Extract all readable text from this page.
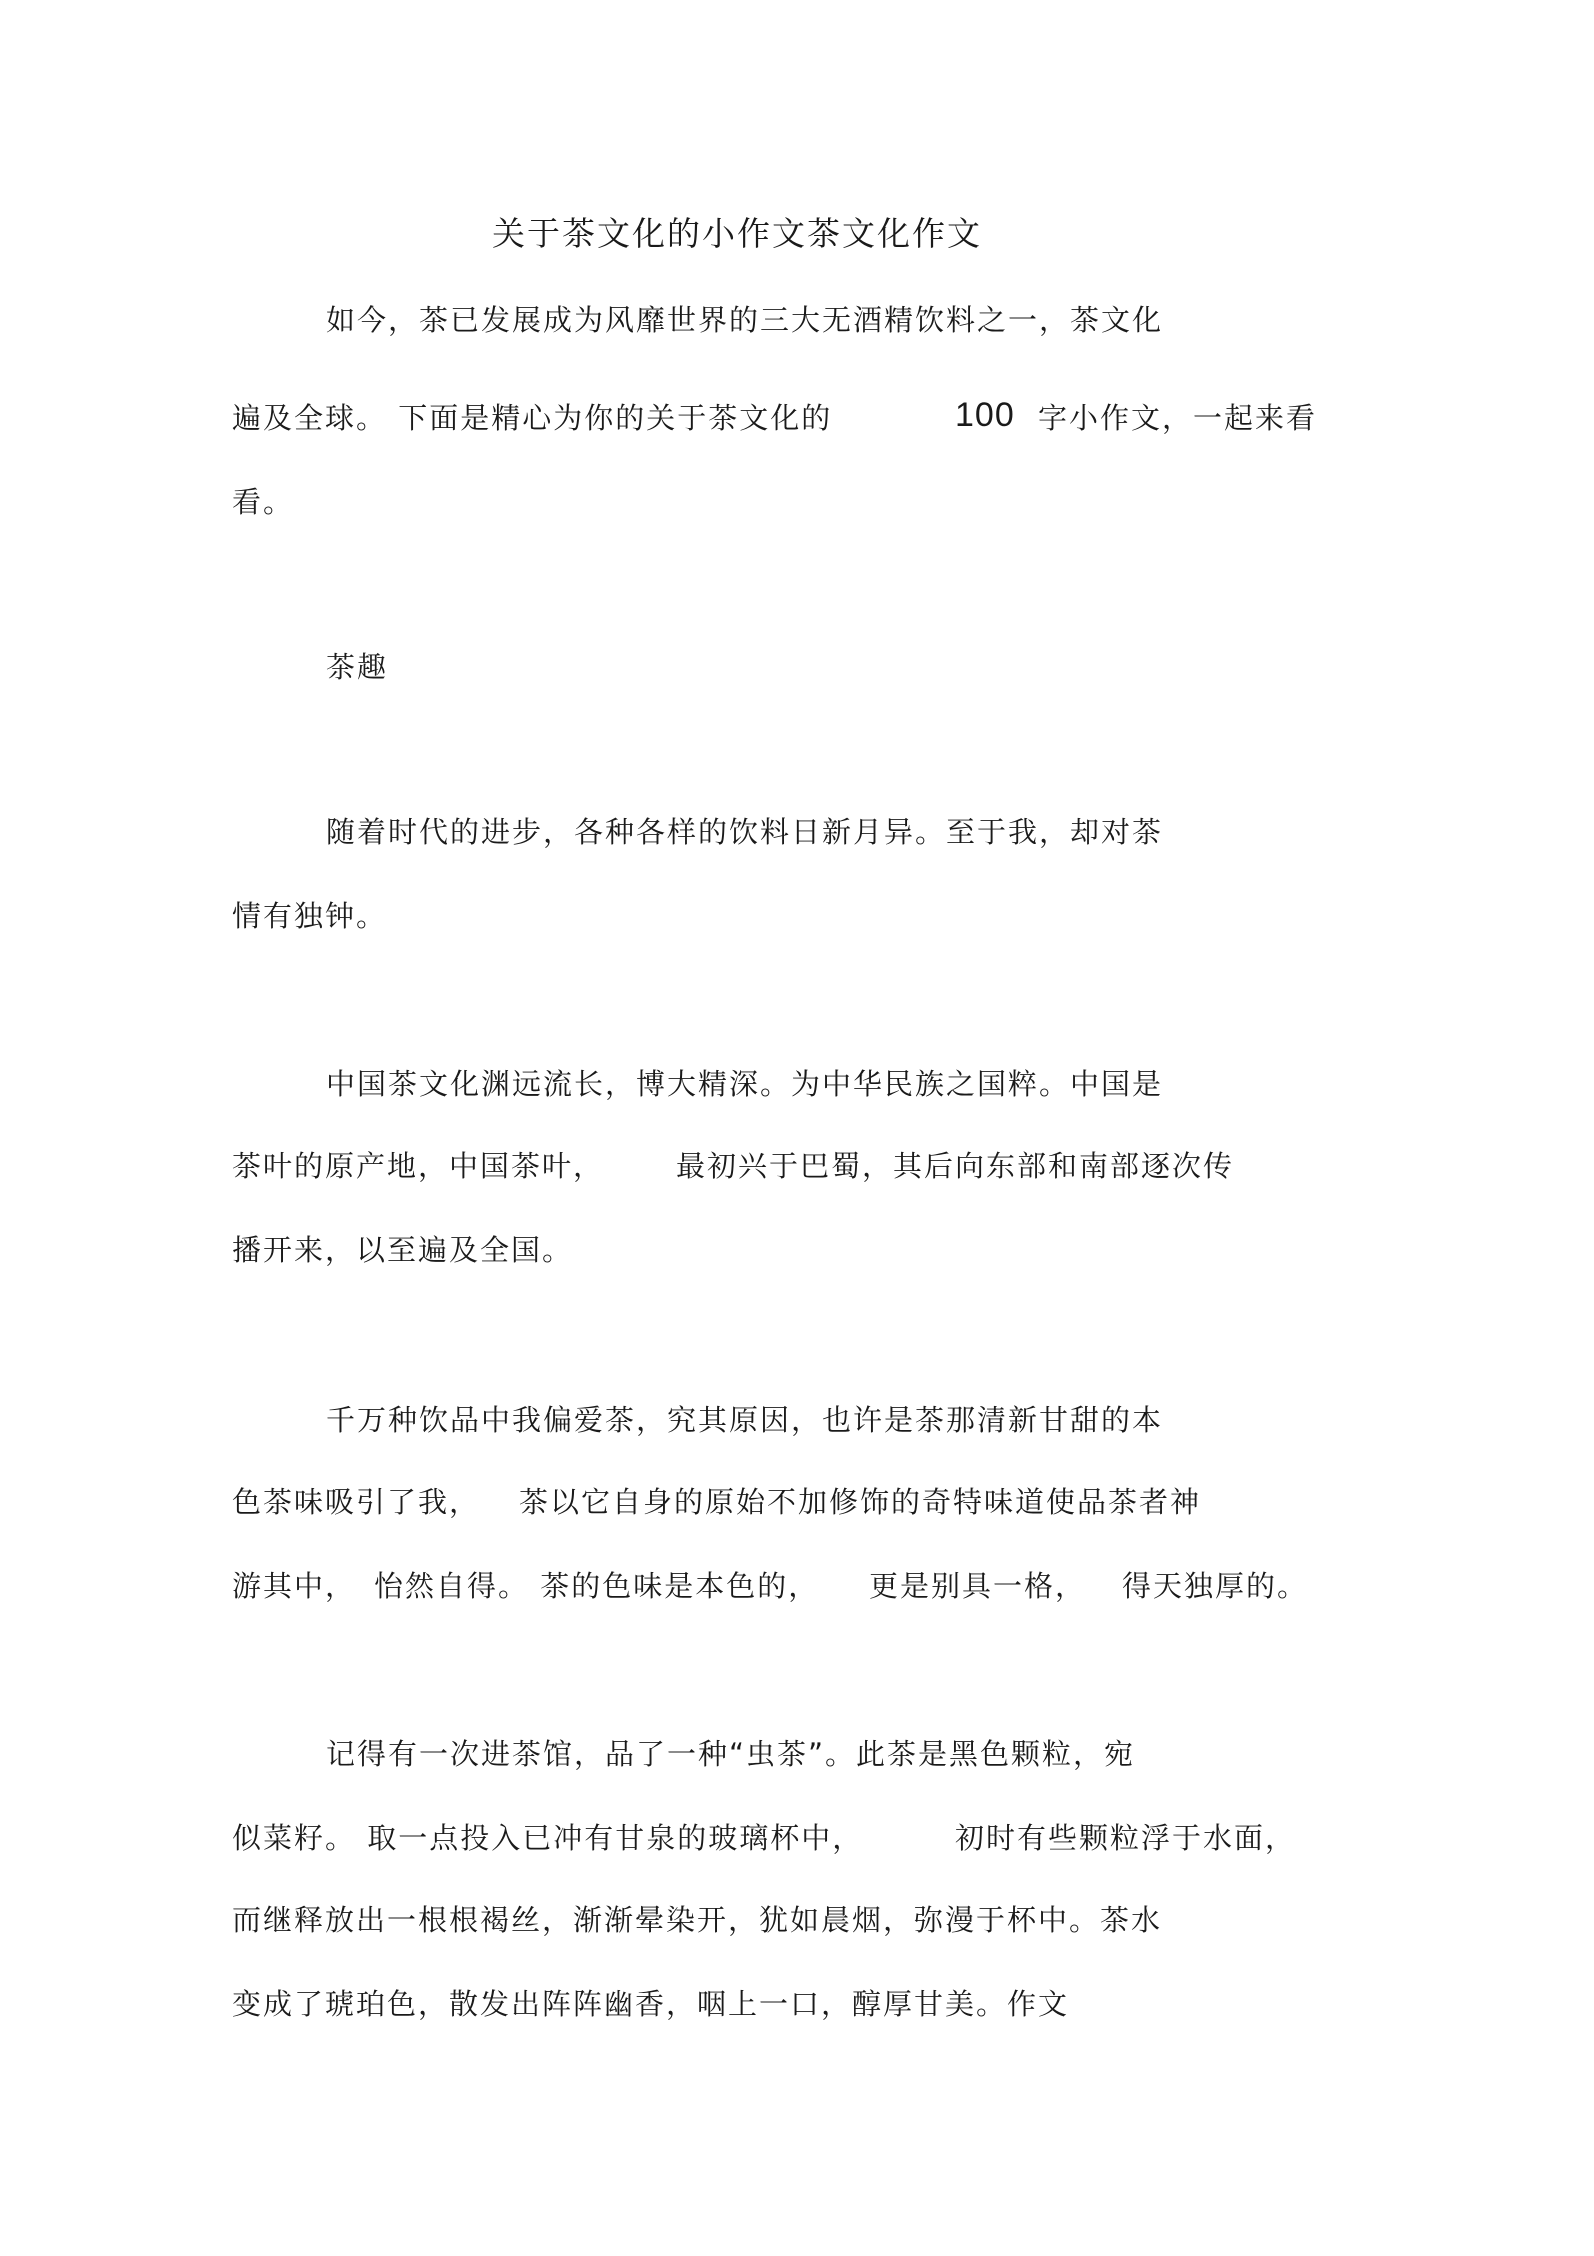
关于茶文化的小作文茶文化作文
如今，茶已发展成为风靡世界的三大无酒精饮料之一，茶文化
遍及全球。 下面是精心为你的关于茶文化的	100 字小作文，一起来看
看。
茶趣
随着时代的进步，各种各样的饮料日新月异。至于我，却对茶
情有独钟。
中国茶文化渊远流长，博大精深。为中华民族之国粹。中国是
茶叶的原产地，中国茶叶， 最初兴于巴蜀，其后向东部和南部逐次传
播开来，以至遍及全国。
千万种饮品中我偏爱茶，究其原因，也许是茶那清新甘甜的本
色茶味吸引了我， 茶以它自身的原始不加修饰的奇特味道使品茶者神
游其中， 怡然自得。 茶的色味是本色的， 更是别具一格， 得天独厚的。
记得有一次进茶馆，品了一种“虫茶”。此茶是黑色颗粒，宛
似菜籽。 取一点投入已冲有甘泉的玻璃杯中，	初时有些颗粒浮于水面，
而继释放出一根根褐丝，渐渐晕染开，犹如晨烟，弥漫于杯中。茶水
变成了琥珀色，散发出阵阵幽香，咽上一口，醇厚甘美。作文
